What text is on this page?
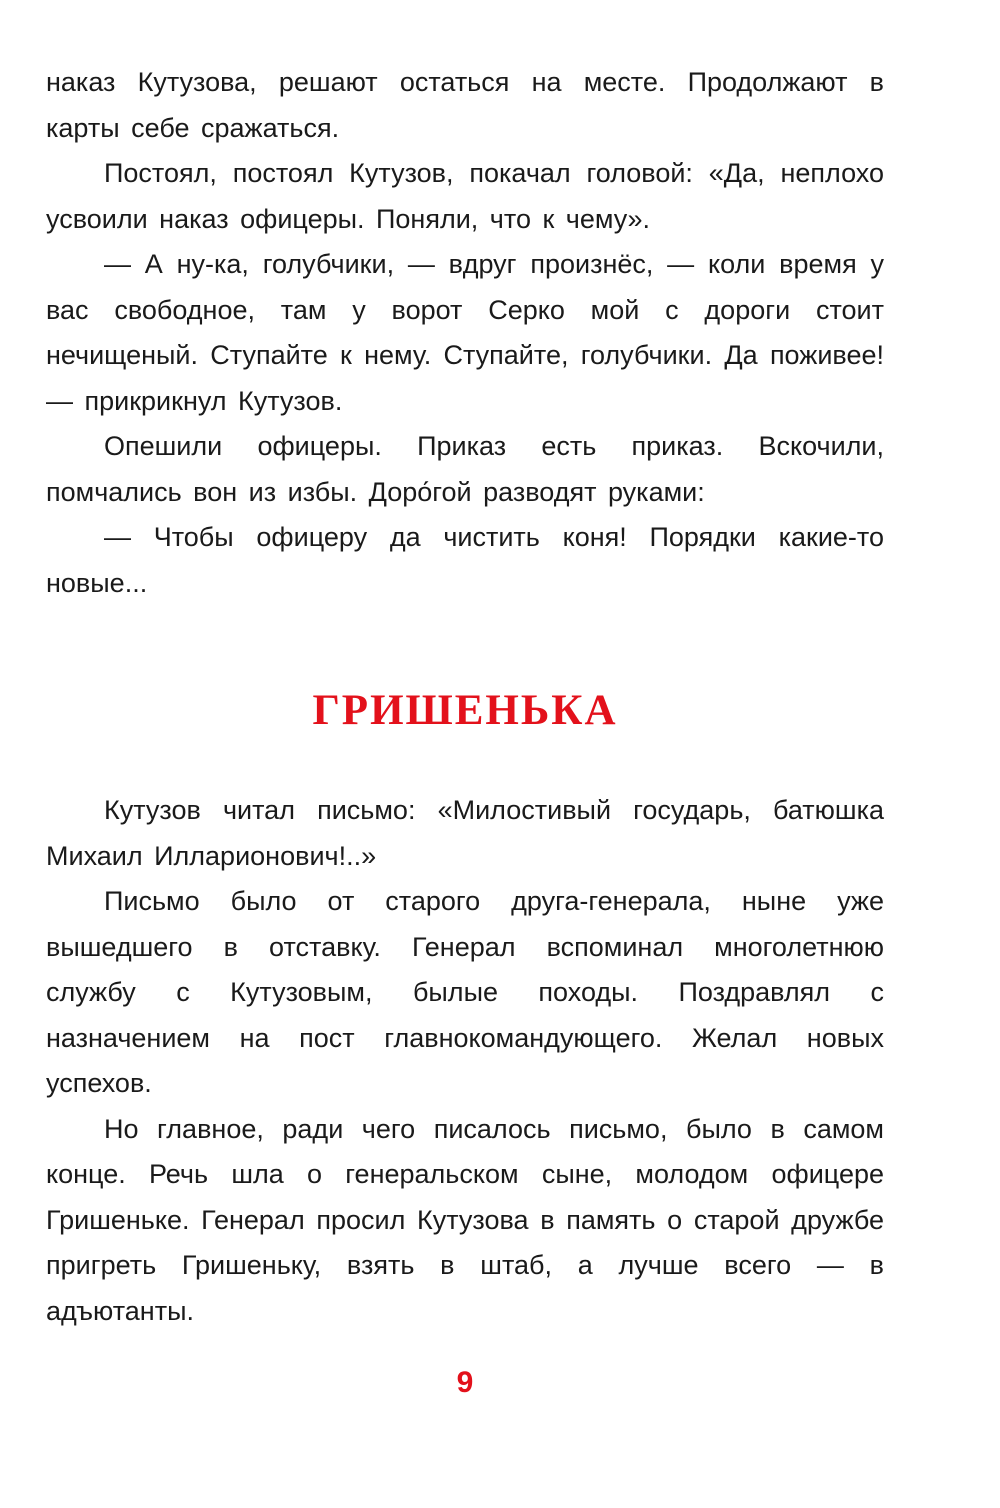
наказ Кутузова, решают остаться на месте. Продолжают в карты себе сражаться.

Постоял, постоял Кутузов, покачал головой: «Да, неплохо усвоили наказ офицеры. Поняли, что к чему».

— А ну-ка, голубчики, — вдруг произнёс, — коли время у вас свободное, там у ворот Серко мой с дороги стоит нечищеный. Ступайте к нему. Ступайте, голубчики. Да поживее! — прикрикнул Кутузов.

Опешили офицеры. Приказ есть приказ. Вскочили, помчались вон из избы. Доро́гой разводят руками:

— Чтобы офицеру да чистить коня! Порядки какие-то новые...

ГРИШЕНЬКА

Кутузов читал письмо: «Милостивый государь, батюшка Михаил Илларионович!..»

Письмо было от старого друга-генерала, ныне уже вышедшего в отставку. Генерал вспоминал многолетнюю службу с Кутузовым, былые походы. Поздравлял с назначением на пост главнокомандующего. Желал новых успехов.

Но главное, ради чего писалось письмо, было в самом конце. Речь шла о генеральском сыне, молодом офицере Гришеньке. Генерал просил Кутузова в память о старой дружбе пригреть Гришеньку, взять в штаб, а лучше всего — в адъютанты.

9
